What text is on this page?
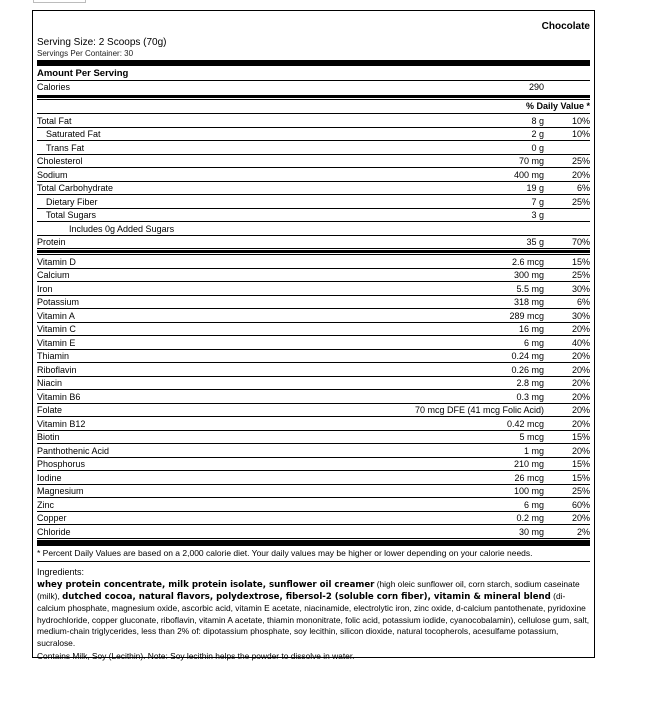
Chocolate
Serving Size: 2 Scoops (70g)
Servings Per Container: 30
Amount Per Serving
Calories	290
% Daily Value *
Total Fat	8 g	10%
Saturated Fat	2 g	10%
Trans Fat	0 g
Cholesterol	70 mg	25%
Sodium	400 mg	20%
Total Carbohydrate	19 g	6%
Dietary Fiber	7 g	25%
Total Sugars	3 g
Includes 0g Added Sugars
Protein	35 g	70%
Vitamin D	2.6 mcg	15%
Calcium	300 mg	25%
Iron	5.5 mg	30%
Potassium	318 mg	6%
Vitamin A	289 mcg	30%
Vitamin C	16 mg	20%
Vitamin E	6 mg	40%
Thiamin	0.24 mg	20%
Riboflavin	0.26 mg	20%
Niacin	2.8 mg	20%
Vitamin B6	0.3 mg	20%
Folate	70 mcg DFE (41 mcg Folic Acid)	20%
Vitamin B12	0.42 mcg	20%
Biotin	5 mcg	15%
Panthothenic Acid	1 mg	20%
Phosphorus	210 mg	15%
Iodine	26 mcg	15%
Magnesium	100 mg	25%
Zinc	6 mg	60%
Copper	0.2 mg	20%
Chloride	30 mg	2%
* Percent Daily Values are based on a 2,000 calorie diet. Your daily values may be higher or lower depending on your calorie needs.
Ingredients:
whey protein concentrate, milk protein isolate, sunflower oil creamer (high oleic sunflower oil, corn starch, sodium caseinate (milk), dutched cocoa, natural flavors, polydextrose, fibersol-2 (soluble corn fiber), vitamin & mineral blend (di-calcium phosphate, magnesium oxide, ascorbic acid, vitamin E acetate, niacinamide, electrolytic iron, zinc oxide, d-calcium pantothenate, pyridoxine hydrochloride, copper gluconate, riboflavin, vitamin A acetate, thiamin mononitrate, folic acid, potassium iodide, cyanocobalamin), cellulose gum, salt, medium-chain triglycerides, less than 2% of: dipotassium phosphate, soy lecithin, silicon dioxide, natural tocopherols, acesulfame potassium, sucralose.
Contains Milk, Soy (Lecithin). Note: Soy lecithin helps the powder to dissolve in water.
